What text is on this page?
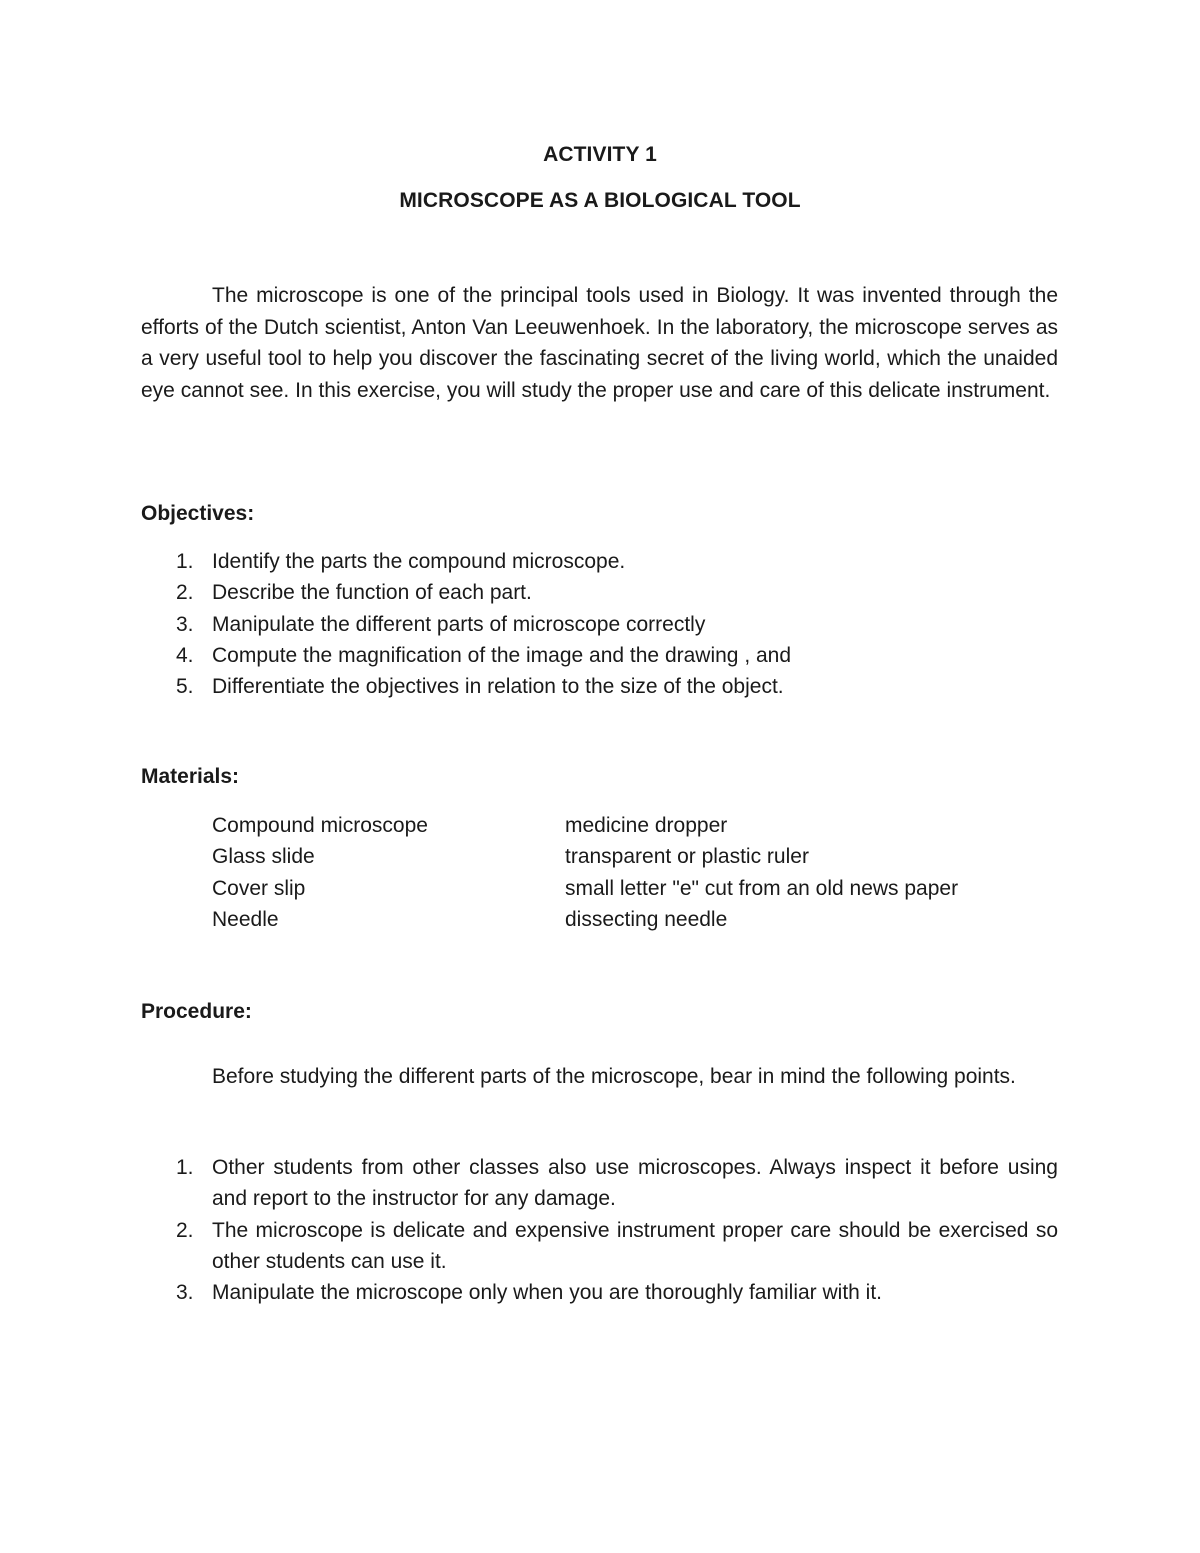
ACTIVITY 1
MICROSCOPE AS A BIOLOGICAL TOOL

The microscope is one of the principal tools used in Biology. It was invented through the efforts of the Dutch scientist, Anton Van Leeuwenhoek. In the laboratory, the microscope serves as a very useful tool to help you discover the fascinating secret of the living world, which the unaided eye cannot see. In this exercise, you will study the proper use and care of this delicate instrument.

Objectives:
1. Identify the parts the compound microscope.
2. Describe the function of each part.
3. Manipulate the different parts of microscope correctly
4. Compute the magnification of the image and the drawing , and
5. Differentiate the objectives in relation to the size of the object.
Materials:
Compound microscope	medicine dropper
Glass slide	transparent or plastic ruler
Cover slip	small letter "e" cut from an old news paper
Needle	dissecting needle
Procedure:

Before studying the different parts of the microscope, bear in mind the following points.

1. Other students from other classes also use microscopes. Always inspect it before using and report to the instructor for any damage.
2. The microscope is delicate and expensive instrument proper care should be exercised so other students can use it.
3. Manipulate the microscope only when you are thoroughly familiar with it.
